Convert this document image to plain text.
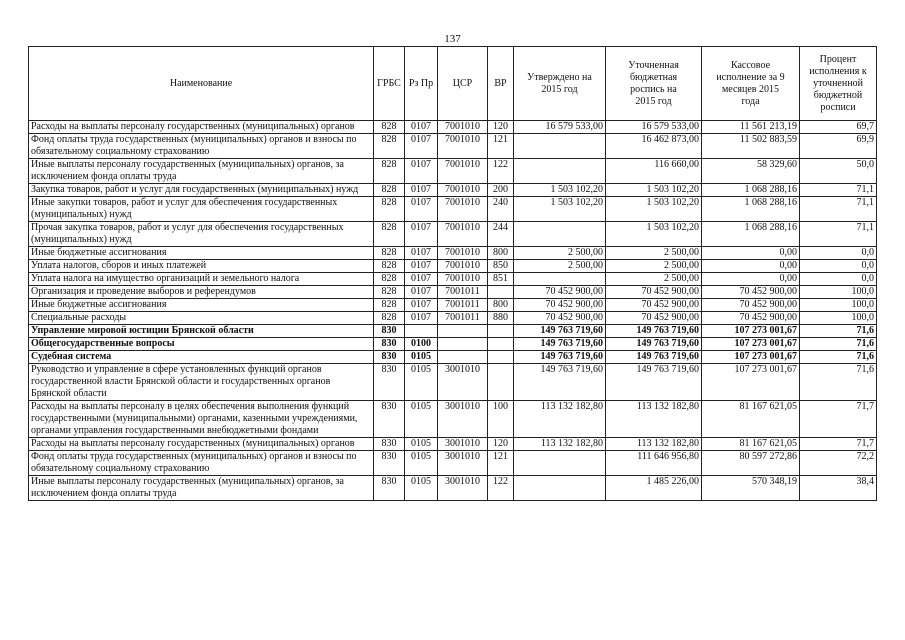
137
Наименование	ГРБС	Рз Пр	ЦСР	ВР	Утверждено на 2015 год	Уточненная бюджетная роспись на 2015 год	Кассовое исполнение за 9 месяцев 2015 года	Процент исполнения к уточненной бюджетной росписи
Расходы на выплаты персоналу государственных (муниципальных) органов	828	0107	7001010	120	16 579 533,00	16 579 533,00	11 561 213,19	69,7
Фонд оплаты труда государственных (муниципальных) органов и взносы по обязательному социальному страхованию	828	0107	7001010	121		16 462 873,00	11 502 883,59	69,9
Иные выплаты персоналу государственных (муниципальных) органов, за исключением фонда оплаты труда	828	0107	7001010	122		116 660,00	58 329,60	50,0
Закупка товаров, работ и услуг для государственных (муниципальных) нужд	828	0107	7001010	200	1 503 102,20	1 503 102,20	1 068 288,16	71,1
Иные закупки товаров, работ и услуг для обеспечения государственных (муниципальных) нужд	828	0107	7001010	240	1 503 102,20	1 503 102,20	1 068 288,16	71,1
Прочая закупка товаров, работ и услуг для обеспечения государственных (муниципальных) нужд	828	0107	7001010	244		1 503 102,20	1 068 288,16	71,1
Иные бюджетные ассигнования	828	0107	7001010	800	2 500,00	2 500,00	0,00	0,0
Уплата налогов, сборов и иных платежей	828	0107	7001010	850	2 500,00	2 500,00	0,00	0,0
Уплата налога на имущество организаций и земельного налога	828	0107	7001010	851		2 500,00	0,00	0,0
Организация и проведение выборов и референдумов	828	0107	7001011		70 452 900,00	70 452 900,00	70 452 900,00	100,0
Иные бюджетные ассигнования	828	0107	7001011	800	70 452 900,00	70 452 900,00	70 452 900,00	100,0
Специальные расходы	828	0107	7001011	880	70 452 900,00	70 452 900,00	70 452 900,00	100,0
Управление мировой юстиции Брянской области	830				149 763 719,60	149 763 719,60	107 273 001,67	71,6
Общегосударственные вопросы	830	0100			149 763 719,60	149 763 719,60	107 273 001,67	71,6
Судебная система	830	0105			149 763 719,60	149 763 719,60	107 273 001,67	71,6
Руководство и управление в сфере установленных функций органов государственной власти Брянской области и государственных органов Брянской области	830	0105	3001010		149 763 719,60	149 763 719,60	107 273 001,67	71,6
Расходы на выплаты персоналу в целях обеспечения выполнения функций государственными (муниципальными) органами, казенными учреждениями, органами управления государственными внебюджетными фондами	830	0105	3001010	100	113 132 182,80	113 132 182,80	81 167 621,05	71,7
Расходы на выплаты персоналу государственных (муниципальных) органов	830	0105	3001010	120	113 132 182,80	113 132 182,80	81 167 621,05	71,7
Фонд оплаты труда государственных (муниципальных) органов и взносы по обязательному социальному страхованию	830	0105	3001010	121		111 646 956,80	80 597 272,86	72,2
Иные выплаты персоналу государственных (муниципальных) органов, за исключением фонда оплаты труда	830	0105	3001010	122		1 485 226,00	570 348,19	38,4
